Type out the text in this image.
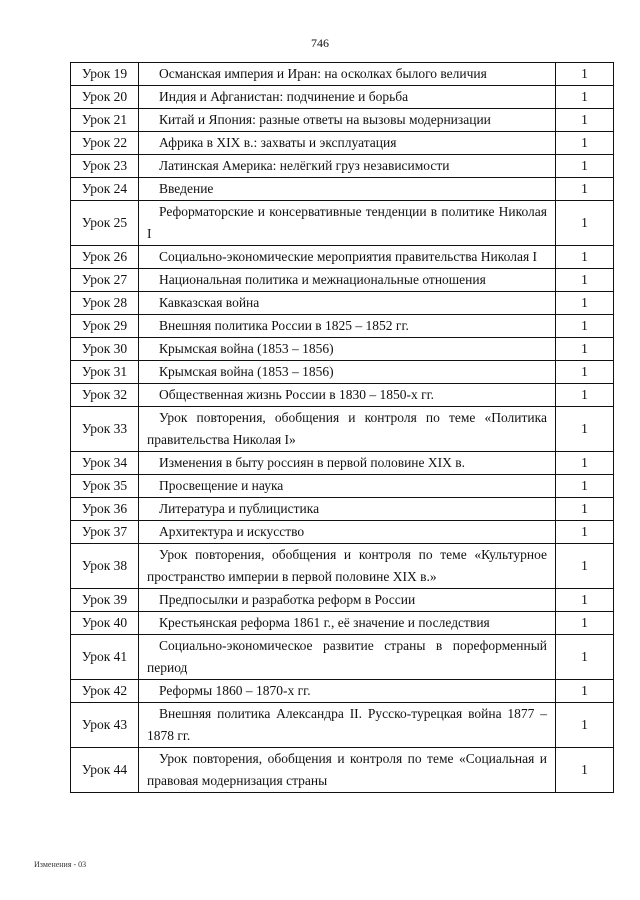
746
Урок 19	Османская империя и Иран: на осколках былого величия	1
Урок 20	Индия и Афганистан: подчинение и борьба	1
Урок 21	Китай и Япония: разные ответы на вызовы модернизации	1
Урок 22	Африка в XIX в.: захваты и эксплуатация	1
Урок 23	Латинская Америка: нелёгкий груз независимости	1
Урок 24	Введение	1
Урок 25	Реформаторские и консервативные тенденции в политике Николая I	1
Урок 26	Социально-экономические мероприятия правительства Николая I	1
Урок 27	Национальная политика и межнациональные отношения	1
Урок 28	Кавказская война	1
Урок 29	Внешняя политика России в 1825 – 1852 гг.	1
Урок 30	Крымская война (1853 – 1856)	1
Урок 31	Крымская война (1853 – 1856)	1
Урок 32	Общественная жизнь России в 1830 – 1850-х гг.	1
Урок 33	Урок повторения, обобщения и контроля по теме «Политика правительства Николая I»	1
Урок 34	Изменения в быту россиян в первой половине XIX в.	1
Урок 35	Просвещение и наука	1
Урок 36	Литература и публицистика	1
Урок 37	Архитектура и искусство	1
Урок 38	Урок повторения, обобщения и контроля по теме «Культурное пространство империи в первой половине XIX в.»	1
Урок 39	Предпосылки и разработка реформ в России	1
Урок 40	Крестьянская реформа 1861 г., её значение и последствия	1
Урок 41	Социально-экономическое развитие страны в пореформенный период	1
Урок 42	Реформы 1860 – 1870-х гг.	1
Урок 43	Внешняя политика Александра II. Русско-турецкая война 1877 – 1878 гг.	1
Урок 44	Урок повторения, обобщения и контроля по теме «Социальная и правовая модернизация страны	1
Изменения - 03
